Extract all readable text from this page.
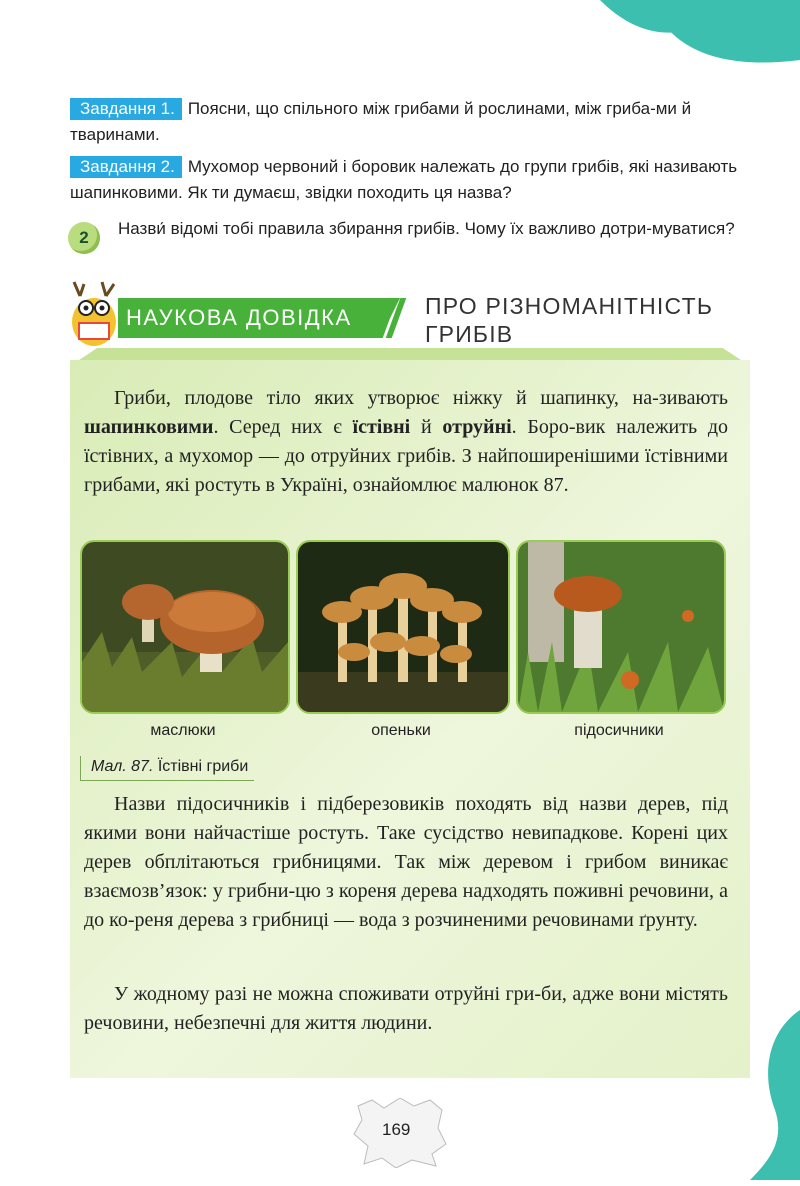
Завдання 1. Поясни, що спільного між грибами й рослинами, між гриба-ми й тваринами.
Завдання 2. Мухомор червоний і боровик належать до групи грибів, які називають шапинковими. Як ти думаєш, звідки походить ця назва?
2	Назви́ відомі тобі правила збирання грибів. Чому їх важливо дотри-муватися?
НАУКОВА ДОВІДКА	ПРО РІЗНОМАНІТНІСТЬ ГРИБІВ
Гриби, плодове тіло яких утворює ніжку й шапинку, на-зивають шапинковими. Серед них є їстівні й отруйні. Боро-вик належить до їстівних, а мухомор — до отруйних грибів. З найпоширенішими їстівними грибами, які ростуть в Україні, ознайомлює малюнок 87.
маслюки	опеньки	підосичники
Мал. 87. Їстівні гриби
Назви підосичників і підберезовиків походять від назви дерев, під якими вони найчастіше ростуть. Таке сусідство невипадкове. Корені цих дерев обплітаються грибницями. Так між деревом і грибом виникає взаємозв’язок: у грибни-цю з кореня дерева надходять поживні речовини, а до ко-реня дерева з грибниці — вода з розчиненими речовинами ґрунту.
У жодному разі не можна споживати отруйні гри-би, адже вони містять речовини, небезпечні для життя людини.
169
